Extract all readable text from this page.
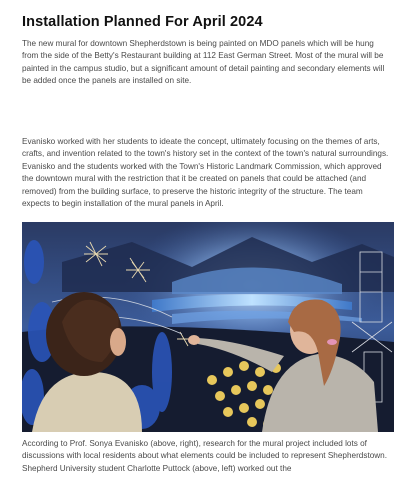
Installation Planned For April 2024

The new mural for downtown Shepherdstown is being painted on MDO panels which will be hung from the side of the Betty's Restaurant building at 112 East German Street. Most of the mural will be painted in the campus studio, but a significant amount of detail painting and secondary elements will be added once the panels are installed on site.

Evanisko worked with her students to ideate the concept, ultimately focusing on the themes of arts, crafts, and invention related to the town's history set in the context of the town's natural surroundings. Evanisko and the students worked with the Town's Historic Landmark Commission, which approved the downtown mural with the restriction that it be created on panels that could be attached (and removed) from the building surface, to preserve the historic integrity of the structure. The team expects to begin installation of the mural panels in April.

According to Prof. Sonya Evanisko (above, right), research for the mural project included lots of discussions with local residents about what elements could be included to represent Shepherdstown. Shepherd University student Charlotte Puttock (above, left) worked out the
